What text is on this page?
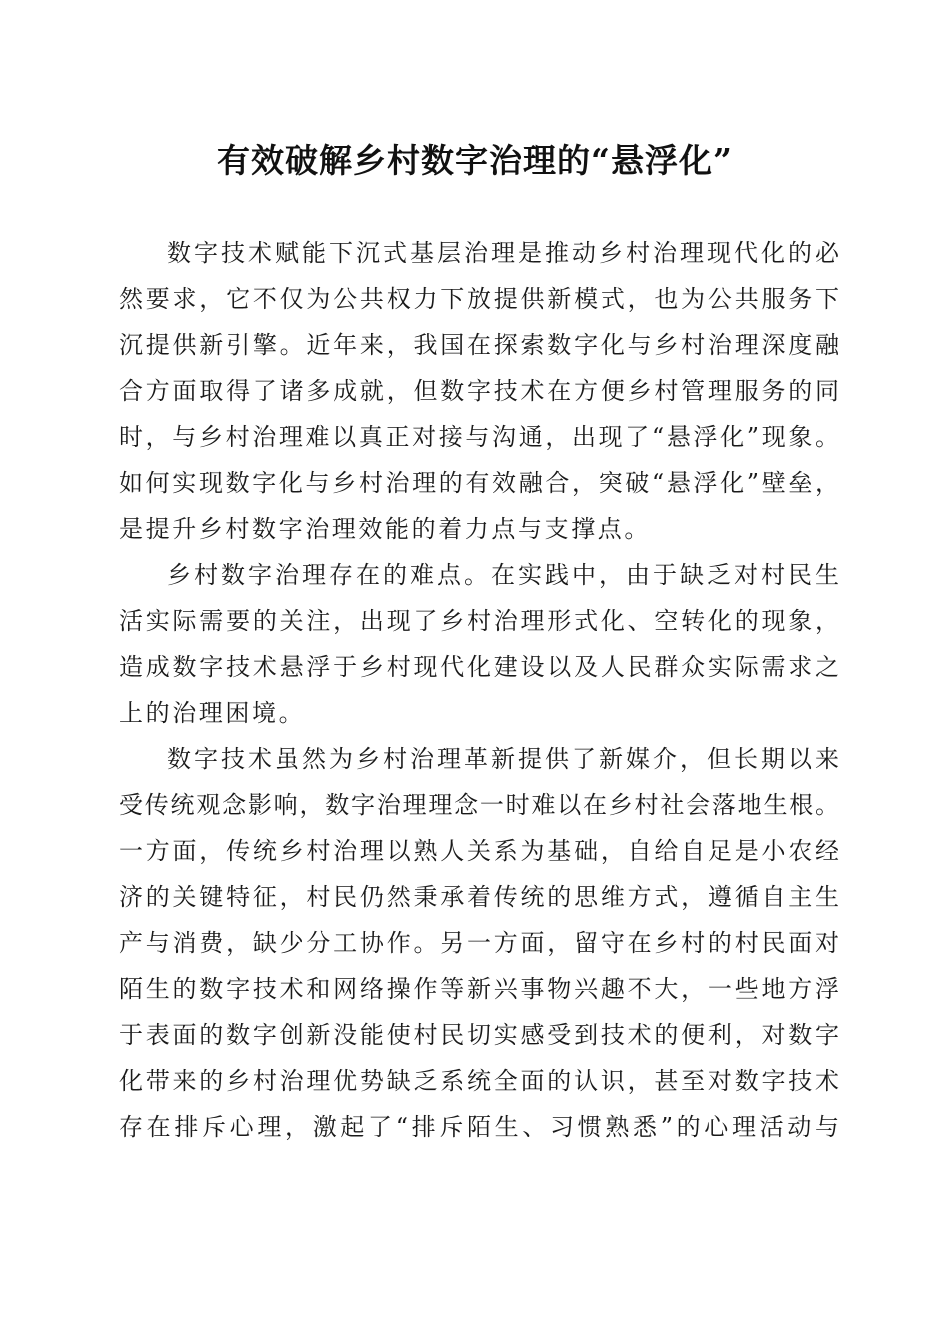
有效破解乡村数字治理的“悬浮化”
数字技术赋能下沉式基层治理是推动乡村治理现代化的必
然要求，它不仅为公共权力下放提供新模式，也为公共服务下
沉提供新引擎。近年来，我国在探索数字化与乡村治理深度融
合方面取得了诸多成就，但数字技术在方便乡村管理服务的同
时，与乡村治理难以真正对接与沟通，出现了“悬浮化”现象。
如何实现数字化与乡村治理的有效融合，突破“悬浮化”壁垒，
是提升乡村数字治理效能的着力点与支撑点。
乡村数字治理存在的难点。在实践中，由于缺乏对村民生
活实际需要的关注，出现了乡村治理形式化、空转化的现象，
造成数字技术悬浮于乡村现代化建设以及人民群众实际需求之
上的治理困境。
数字技术虽然为乡村治理革新提供了新媒介，但长期以来
受传统观念影响，数字治理理念一时难以在乡村社会落地生根。
一方面，传统乡村治理以熟人关系为基础，自给自足是小农经
济的关键特征，村民仍然秉承着传统的思维方式，遵循自主生
产与消费，缺少分工协作。另一方面，留守在乡村的村民面对
陌生的数字技术和网络操作等新兴事物兴趣不大，一些地方浮
于表面的数字创新没能使村民切实感受到技术的便利，对数字
化带来的乡村治理优势缺乏系统全面的认识，甚至对数字技术
存在排斥心理，激起了“排斥陌生、习惯熟悉”的心理活动与
